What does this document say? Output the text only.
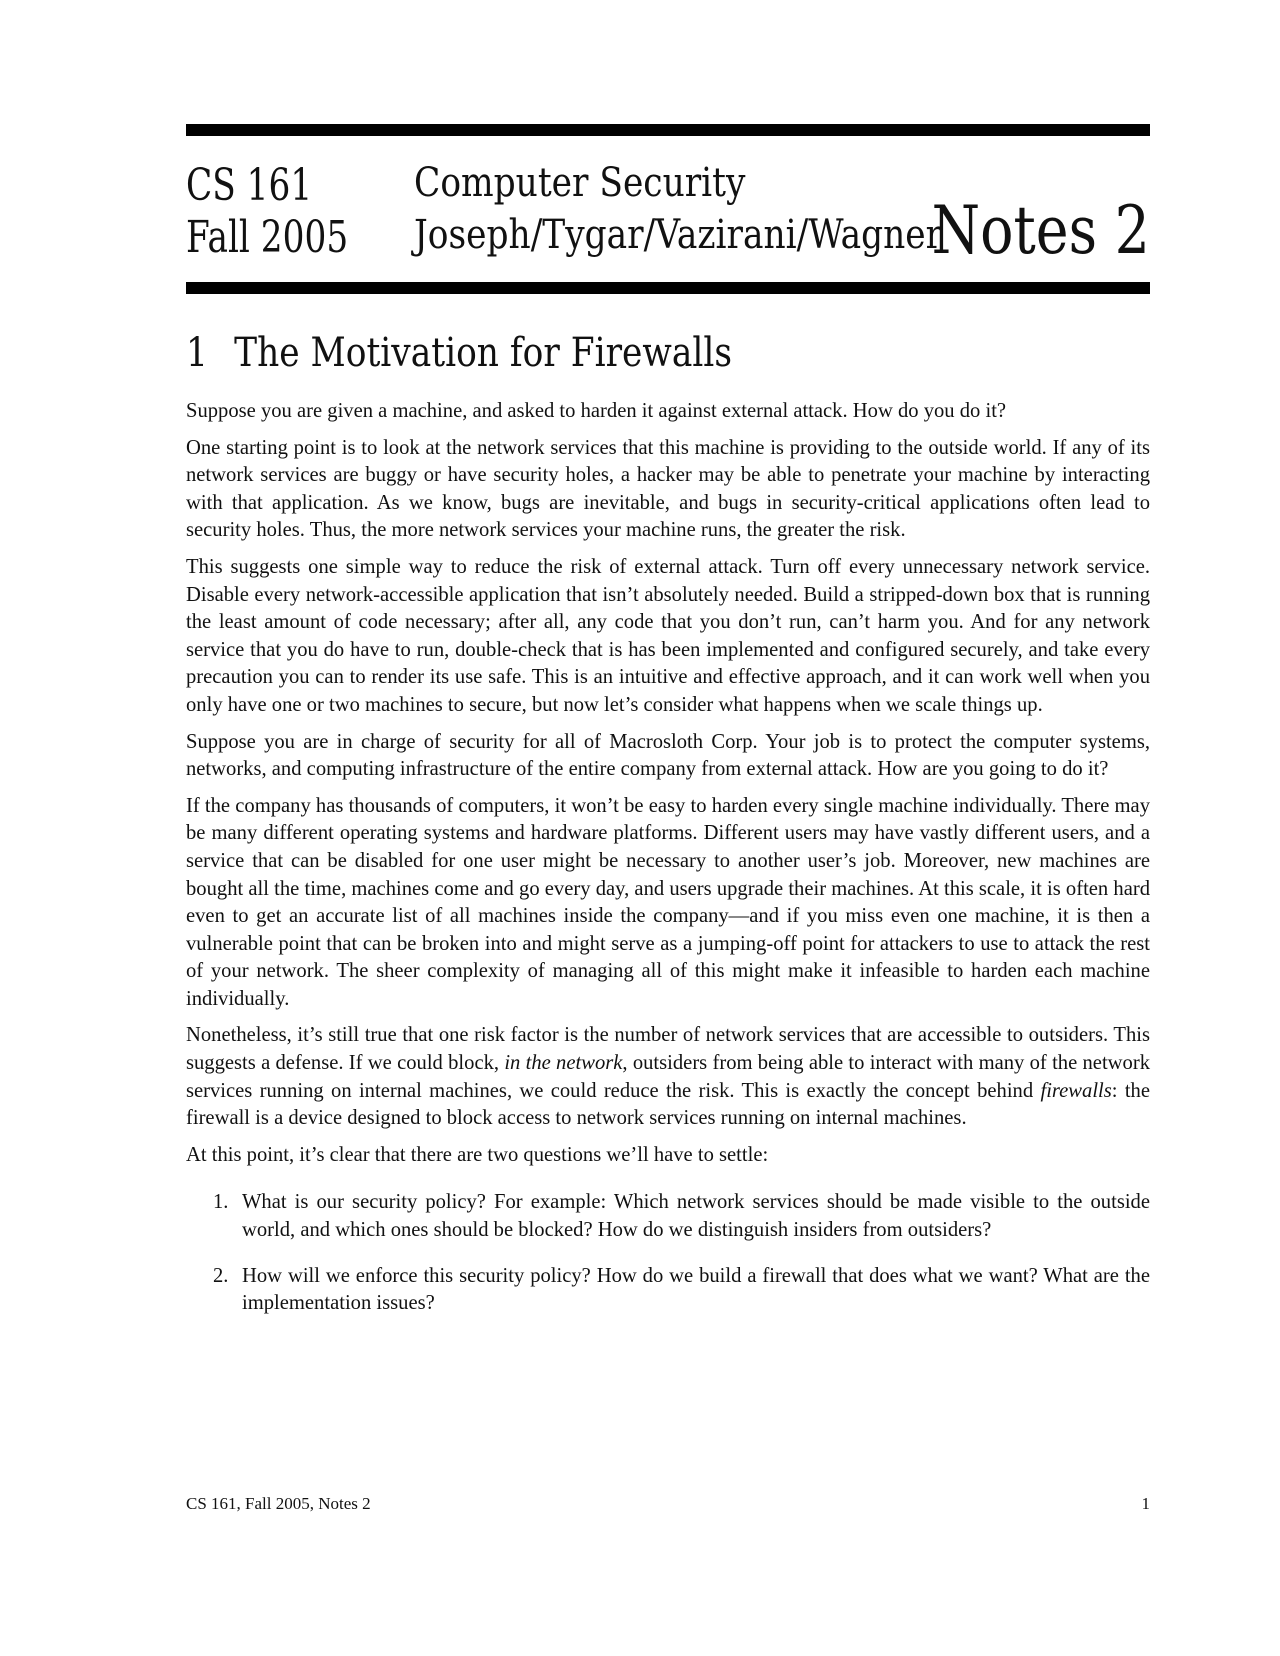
CS 161
Fall 2005
Computer Security
Joseph/Tygar/Vazirani/Wagner
Notes 2
1 The Motivation for Firewalls

Suppose you are given a machine, and asked to harden it against external attack. How do you do it?

One starting point is to look at the network services that this machine is providing to the outside world. If any of its network services are buggy or have security holes, a hacker may be able to penetrate your machine by interacting with that application. As we know, bugs are inevitable, and bugs in security-critical applications often lead to security holes. Thus, the more network services your machine runs, the greater the risk.

This suggests one simple way to reduce the risk of external attack. Turn off every unnecessary network service. Disable every network-accessible application that isn’t absolutely needed. Build a stripped-down box that is running the least amount of code necessary; after all, any code that you don’t run, can’t harm you. And for any network service that you do have to run, double-check that is has been implemented and configured securely, and take every precaution you can to render its use safe. This is an intuitive and effective approach, and it can work well when you only have one or two machines to secure, but now let’s consider what happens when we scale things up.

Suppose you are in charge of security for all of Macrosloth Corp. Your job is to protect the computer systems, networks, and computing infrastructure of the entire company from external attack. How are you going to do it?

If the company has thousands of computers, it won’t be easy to harden every single machine individually. There may be many different operating systems and hardware platforms. Different users may have vastly different users, and a service that can be disabled for one user might be necessary to another user’s job. Moreover, new machines are bought all the time, machines come and go every day, and users upgrade their machines. At this scale, it is often hard even to get an accurate list of all machines inside the company—and if you miss even one machine, it is then a vulnerable point that can be broken into and might serve as a jumping-off point for attackers to use to attack the rest of your network. The sheer complexity of managing all of this might make it infeasible to harden each machine individually.

Nonetheless, it’s still true that one risk factor is the number of network services that are accessible to outsiders. This suggests a defense. If we could block, in the network, outsiders from being able to interact with many of the network services running on internal machines, we could reduce the risk. This is exactly the concept behind firewalls: the firewall is a device designed to block access to network services running on internal machines.

At this point, it’s clear that there are two questions we’ll have to settle:

1. What is our security policy? For example: Which network services should be made visible to the outside world, and which ones should be blocked? How do we distinguish insiders from outsiders?
2. How will we enforce this security policy? How do we build a firewall that does what we want? What are the implementation issues?
CS 161, Fall 2005, Notes 2	1
